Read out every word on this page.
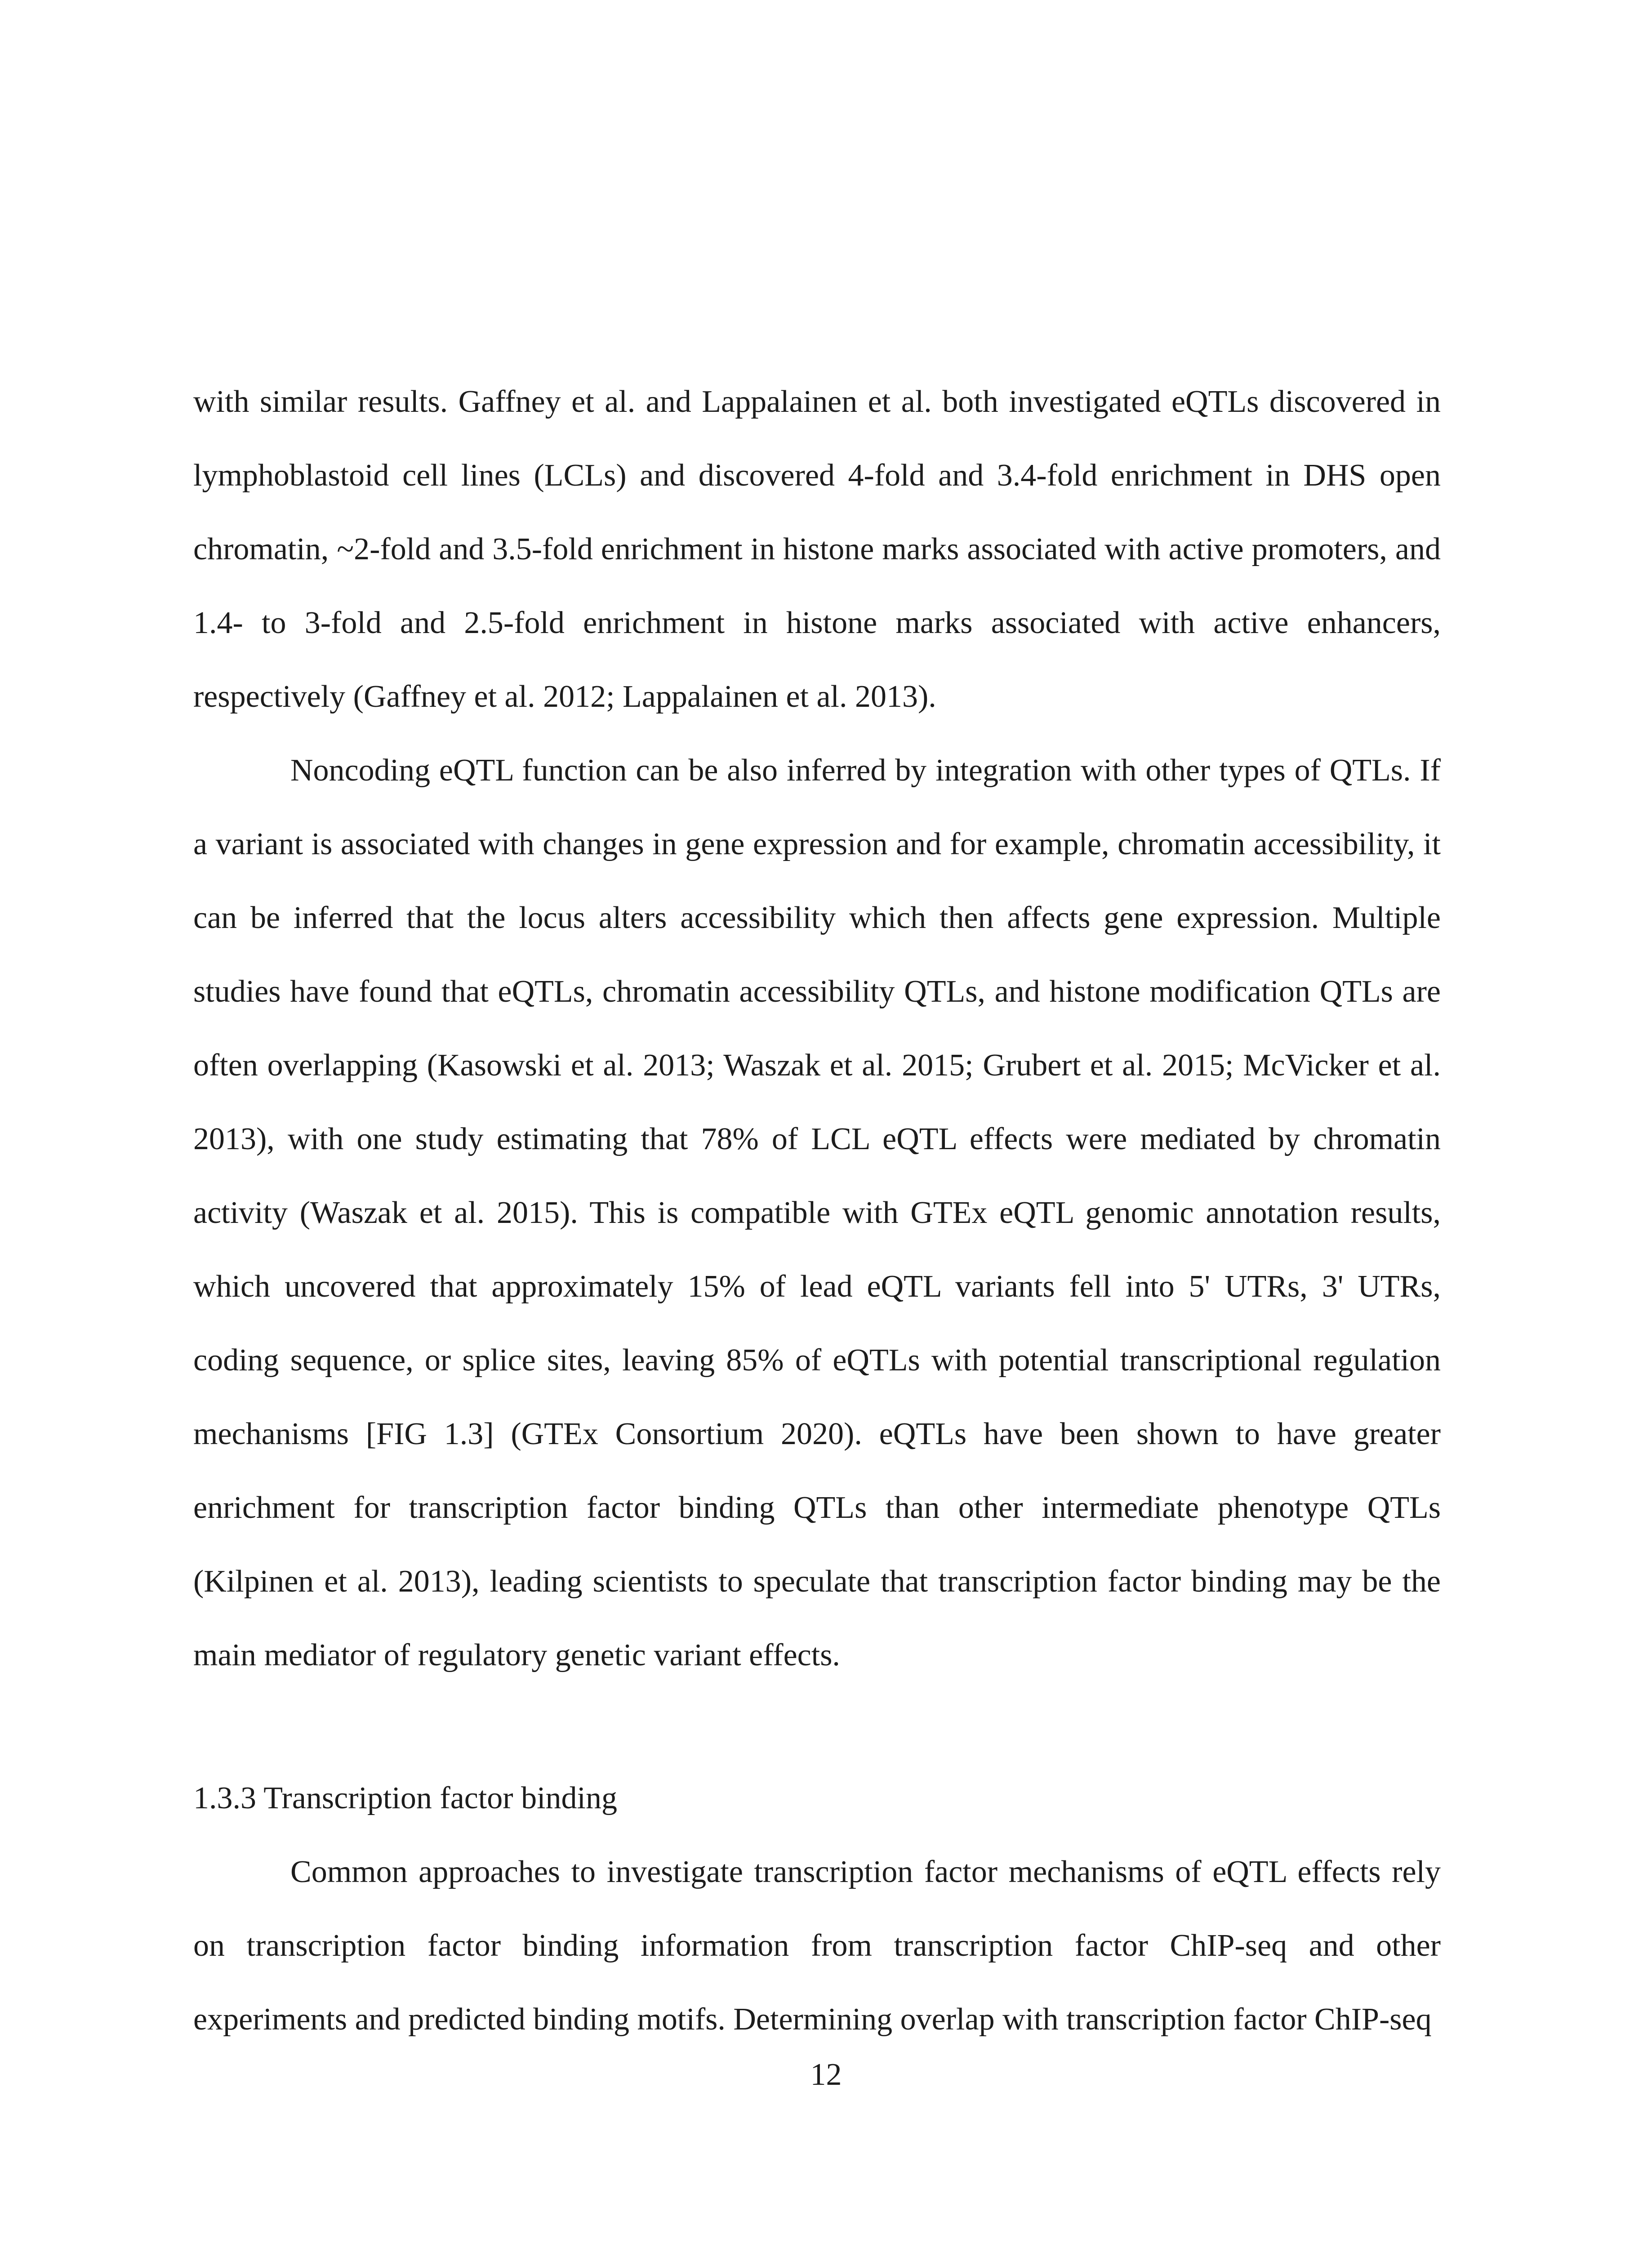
with similar results. Gaffney et al. and Lappalainen et al. both investigated eQTLs discovered in lymphoblastoid cell lines (LCLs) and discovered 4-fold and 3.4-fold enrichment in DHS open chromatin, ~2-fold and 3.5-fold enrichment in histone marks associated with active promoters, and 1.4- to 3-fold and 2.5-fold enrichment in histone marks associated with active enhancers, respectively (Gaffney et al. 2012; Lappalainen et al. 2013).

Noncoding eQTL function can be also inferred by integration with other types of QTLs. If a variant is associated with changes in gene expression and for example, chromatin accessibility, it can be inferred that the locus alters accessibility which then affects gene expression. Multiple studies have found that eQTLs, chromatin accessibility QTLs, and histone modification QTLs are often overlapping (Kasowski et al. 2013; Waszak et al. 2015; Grubert et al. 2015; McVicker et al. 2013), with one study estimating that 78% of LCL eQTL effects were mediated by chromatin activity (Waszak et al. 2015). This is compatible with GTEx eQTL genomic annotation results, which uncovered that approximately 15% of lead eQTL variants fell into 5' UTRs, 3' UTRs, coding sequence, or splice sites, leaving 85% of eQTLs with potential transcriptional regulation mechanisms [FIG 1.3] (GTEx Consortium 2020). eQTLs have been shown to have greater enrichment for transcription factor binding QTLs than other intermediate phenotype QTLs (Kilpinen et al. 2013), leading scientists to speculate that transcription factor binding may be the main mediator of regulatory genetic variant effects.

1.3.3 Transcription factor binding

Common approaches to investigate transcription factor mechanisms of eQTL effects rely on transcription factor binding information from transcription factor ChIP-seq and other experiments and predicted binding motifs. Determining overlap with transcription factor ChIP-seq

12
